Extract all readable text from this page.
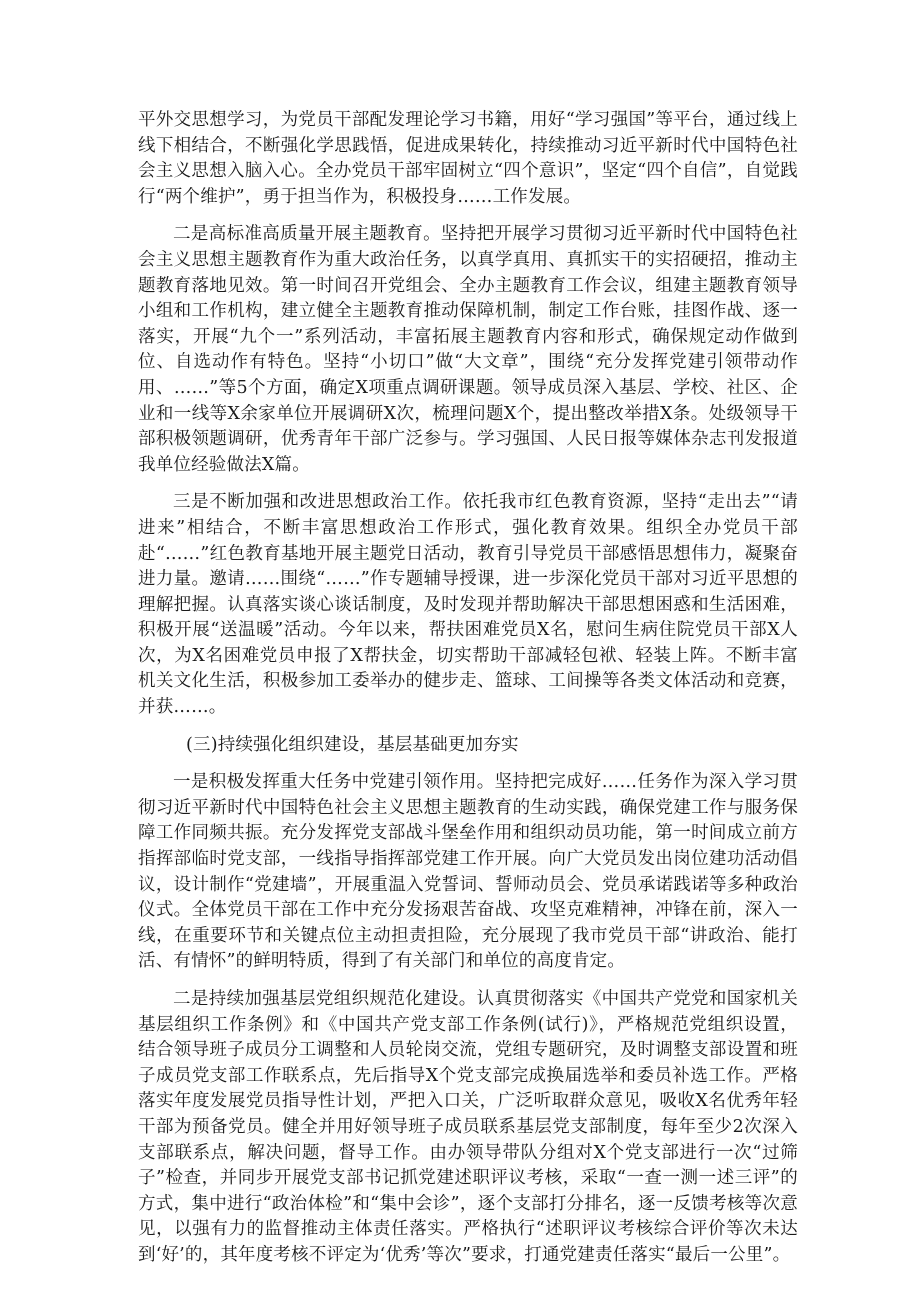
平外交思想学习，为党员干部配发理论学习书籍，用好“学习强国”等平台，通过线上线下相结合，不断强化学思践悟，促进成果转化，持续推动习近平新时代中国特色社会主义思想入脑入心。全办党员干部牢固树立“四个意识”，坚定“四个自信”，自觉践行“两个维护”，勇于担当作为，积极投身……工作发展。

二是高标准高质量开展主题教育。坚持把开展学习贯彻习近平新时代中国特色社会主义思想主题教育作为重大政治任务，以真学真用、真抓实干的实招硬招，推动主题教育落地见效。第一时间召开党组会、全办主题教育工作会议，组建主题教育领导小组和工作机构，建立健全主题教育推动保障机制，制定工作台账，挂图作战、逐一落实，开展“九个一”系列活动，丰富拓展主题教育内容和形式，确保规定动作做到位、自选动作有特色。坚持“小切口”做“大文章”，围绕“充分发挥党建引领带动作用、……”等5个方面，确定X项重点调研课题。领导成员深入基层、学校、社区、企业和一线等X余家单位开展调研X次，梳理问题X个，提出整改举措X条。处级领导干部积极领题调研，优秀青年干部广泛参与。学习强国、人民日报等媒体杂志刊发报道我单位经验做法X篇。

三是不断加强和改进思想政治工作。依托我市红色教育资源，坚持“走出去”“请进来”相结合，不断丰富思想政治工作形式，强化教育效果。组织全办党员干部赴“……”红色教育基地开展主题党日活动，教育引导党员干部感悟思想伟力，凝聚奋进力量。邀请……围绕“……”作专题辅导授课，进一步深化党员干部对习近平思想的理解把握。认真落实谈心谈话制度，及时发现并帮助解决干部思想困惑和生活困难，积极开展“送温暖”活动。今年以来，帮扶困难党员X名，慰问生病住院党员干部X人次，为X名困难党员申报了X帮扶金，切实帮助干部减轻包袱、轻装上阵。不断丰富机关文化生活，积极参加工委举办的健步走、篮球、工间操等各类文体活动和竞赛，并获……。

(三)持续强化组织建设，基层基础更加夯实

一是积极发挥重大任务中党建引领作用。坚持把完成好……任务作为深入学习贯彻习近平新时代中国特色社会主义思想主题教育的生动实践，确保党建工作与服务保障工作同频共振。充分发挥党支部战斗堡垒作用和组织动员功能，第一时间成立前方指挥部临时党支部，一线指导指挥部党建工作开展。向广大党员发出岗位建功活动倡议，设计制作“党建墙”，开展重温入党誓词、誓师动员会、党员承诺践诺等多种政治仪式。全体党员干部在工作中充分发扬艰苦奋战、攻坚克难精神，冲锋在前，深入一线，在重要环节和关键点位主动担责担险，充分展现了我市党员干部“讲政治、能打活、有情怀”的鲜明特质，得到了有关部门和单位的高度肯定。

二是持续加强基层党组织规范化建设。认真贯彻落实《中国共产党党和国家机关基层组织工作条例》和《中国共产党支部工作条例(试行)》，严格规范党组织设置，结合领导班子成员分工调整和人员轮岗交流，党组专题研究，及时调整支部设置和班子成员党支部工作联系点，先后指导X个党支部完成换届选举和委员补选工作。严格落实年度发展党员指导性计划，严把入口关，广泛听取群众意见，吸收X名优秀年轻干部为预备党员。健全并用好领导班子成员联系基层党支部制度，每年至少2次深入支部联系点，解决问题，督导工作。由办领导带队分组对X个党支部进行一次“过筛子”检查，并同步开展党支部书记抓党建述职评议考核，采取“一查一测一述三评”的方式，集中进行“政治体检”和“集中会诊”，逐个支部打分排名，逐一反馈考核等次意见，以强有力的监督推动主体责任落实。严格执行“述职评议考核综合评价等次未达到‘好’的，其年度考核不评定为‘优秀’等次”要求，打通党建责任落实“最后一公里”。
